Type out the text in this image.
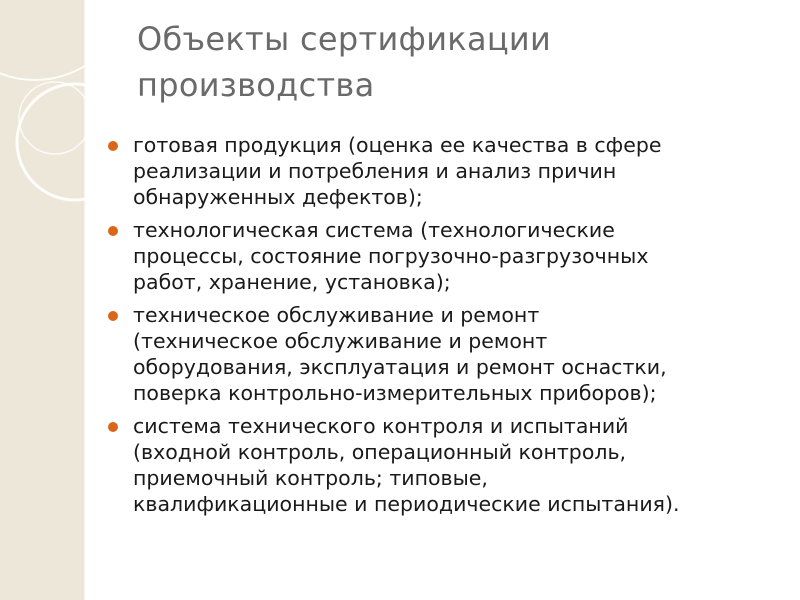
Объекты сертификации
производства
готовая продукция (оценка ее качества в сфере
реализации и потребления и анализ причин
обнаруженных дефектов);
технологическая система (технологические
процессы, состояние погрузочно-разгрузочных
работ, хранение, установка);
техническое обслуживание и ремонт
(техническое обслуживание и ремонт
оборудования, эксплуатация и ремонт оснастки,
поверка контрольно-измерительных приборов);
система технического контроля и испытаний
(входной контроль, операционный контроль,
приемочный контроль; типовые,
квалификационные и периодические испытания).
